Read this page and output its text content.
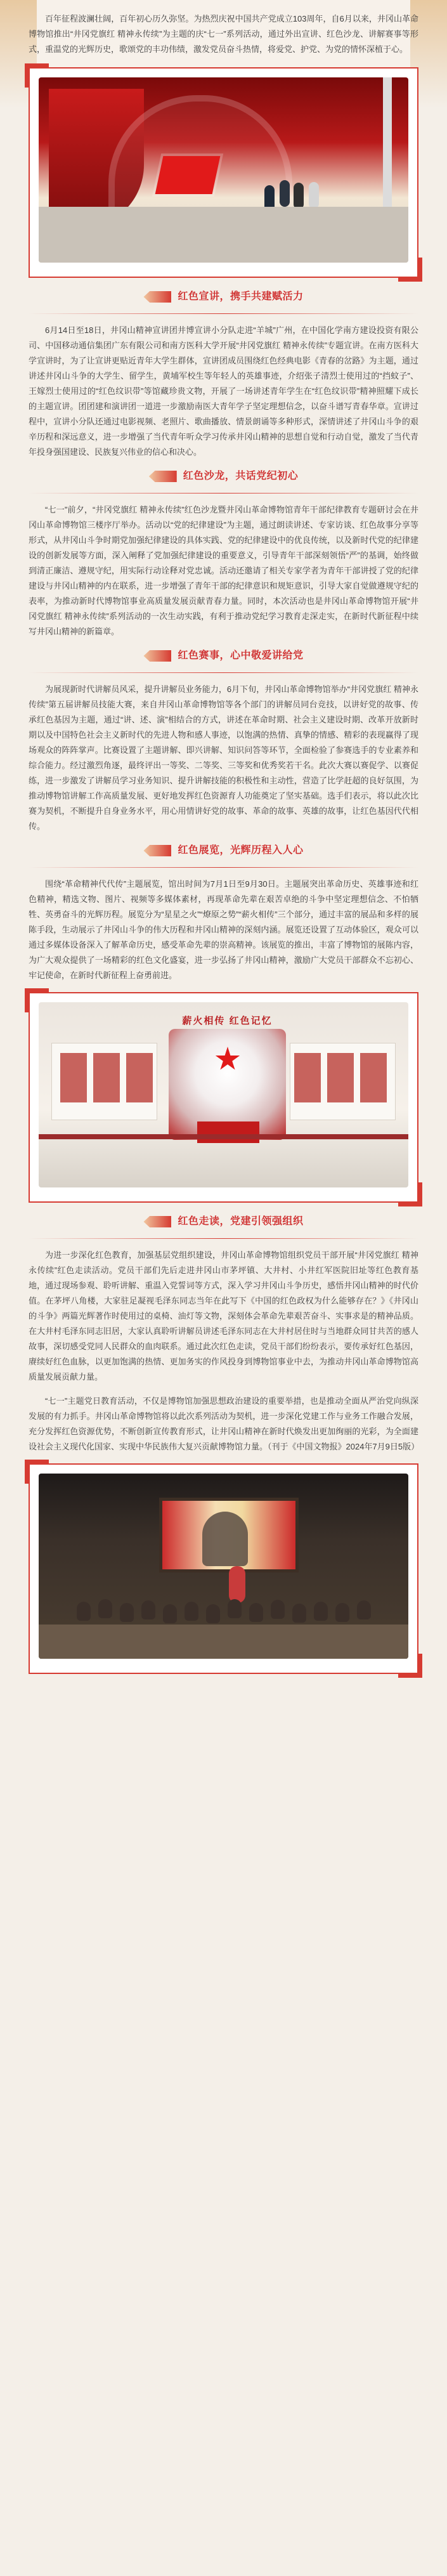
百年征程波澜壮阔，百年初心历久弥坚。为热烈庆祝中国共产党成立103周年，自6月以来，井冈山革命博物馆推出“井冈党旗红 精神永传续”为主题的庆“七一”系列活动，通过外出宣讲、红色沙龙、讲解赛事等形式，重温党的光辉历史，歌颂党的丰功伟绩，激发党员奋斗热情，将爱党、护党、为党的情怀深植于心。

红色宣讲，携手共建赋活力

6月14日至18日，井冈山精神宣讲团井博宣讲小分队走进“羊城”广州，在中国化学南方建设投资有限公司、中国移动通信集团广东有限公司和南方医科大学开展“井冈党旗红 精神永传续”专题宣讲。在南方医科大学宣讲时，为了让宣讲更贴近青年大学生群体，宣讲团成员围绕红色经典电影《青春的岔路》为主题，通过讲述井冈山斗争的大学生、留学生，黄埔军校生等年轻人的英雄事迹，介绍张子清烈士使用过的“挡蚊子”、王嫁烈士使用过的“红色纹识带”等馆藏珍贵文物，开展了一场讲述青年学生在“红色纹识带”精神照耀下成长的主题宣讲。团团建和演讲团一道进一步激励南医大青年学子坚定理想信念，以奋斗谱写青春华章。宣讲过程中，宣讲小分队还通过电影视频、老照片、歌曲播放、情景朗诵等多种形式，深情讲述了井冈山斗争的艰辛历程和深远意义，进一步增强了当代青年听众学习传承井冈山精神的思想自觉和行动自觉，激发了当代青年投身强国建设、民族复兴伟业的信心和决心。

红色沙龙，共话党纪初心

“七一”前夕，“井冈党旗红 精神永传续”红色沙龙暨井冈山革命博物馆青年干部纪律教育专题研讨会在井冈山革命博物馆三楼序厅举办。活动以“党的纪律建设”为主题，通过朗读讲述、专家访谈、红色故事分享等形式，从井冈山斗争时期党加强纪律建设的具体实践、党的纪律建设中的优良传统，以及新时代党的纪律建设的创新发展等方面，深入阐释了党加强纪律建设的重要意义，引导青年干部深刻领悟“严”的基调，始终做到清正廉洁、遵规守纪，用实际行动诠释对党忠诚。活动还邀请了相关专家学者为青年干部讲授了党的纪律建设与井冈山精神的内在联系，进一步增强了青年干部的纪律意识和规矩意识，引导大家自觉做遵规守纪的表率，为推动新时代博物馆事业高质量发展贡献青春力量。同时，本次活动也是井冈山革命博物馆开展“井冈党旗红 精神永传续”系列活动的一次生动实践，有利于推动党纪学习教育走深走实，在新时代新征程中续写井冈山精神的新篇章。

红色赛事，心中敬爱讲给党

为展现新时代讲解员风采，提升讲解员业务能力，6月下旬，井冈山革命博物馆举办“井冈党旗红 精神永传续”第五届讲解员技能大赛，来自井冈山革命博物馆等各个部门的讲解员同台竞技，以讲好党的故事、传承红色基因为主题，通过“讲、述、演”相结合的方式，讲述在革命时期、社会主义建设时期、改革开放新时期以及中国特色社会主义新时代的先进人物和感人事迹，以饱满的热情、真挚的情感、精彩的表现赢得了现场观众的阵阵掌声。比赛设置了主题讲解、即兴讲解、知识问答等环节，全面检验了参赛选手的专业素养和综合能力。经过激烈角逐，最终评出一等奖、二等奖、三等奖和优秀奖若干名。此次大赛以赛促学、以赛促练，进一步激发了讲解员学习业务知识、提升讲解技能的积极性和主动性，营造了比学赶超的良好氛围，为推动博物馆讲解工作高质量发展、更好地发挥红色资源育人功能奠定了坚实基础。选手们表示，将以此次比赛为契机，不断提升自身业务水平，用心用情讲好党的故事、革命的故事、英雄的故事，让红色基因代代相传。

红色展览，光辉历程入人心

围绕“革命精神代代传”主题展览，馆出时间为7月1日至9月30日。主题展突出革命历史、英雄事迹和红色精神，精选文物、图片、视频等多媒体素材，再现革命先辈在艰苦卓绝的斗争中坚定理想信念、不怕牺牲、英勇奋斗的光辉历程。展览分为“星星之火”“燎原之势”“薪火相传”三个部分，通过丰富的展品和多样的展陈手段，生动展示了井冈山斗争的伟大历程和井冈山精神的深刻内涵。展览还设置了互动体验区，观众可以通过多媒体设备深入了解革命历史，感受革命先辈的崇高精神。该展览的推出，丰富了博物馆的展陈内容，为广大观众提供了一场精彩的红色文化盛宴，进一步弘扬了井冈山精神，激励广大党员干部群众不忘初心、牢记使命，在新时代新征程上奋勇前进。

薪火相传 红色记忆
红色走读，党建引领强组织

为进一步深化红色教育，加强基层党组织建设，井冈山革命博物馆组织党员干部开展“井冈党旗红 精神永传续”红色走读活动。党员干部们先后走进井冈山市茅坪镇、大井村、小井红军医院旧址等红色教育基地，通过现场参观、聆听讲解、重温入党誓词等方式，深入学习井冈山斗争历史，感悟井冈山精神的时代价值。在茅坪八角楼，大家驻足凝视毛泽东同志当年在此写下《中国的红色政权为什么能够存在？》《井冈山的斗争》两篇光辉著作时使用过的桌椅、油灯等文物，深刻体会革命先辈艰苦奋斗、实事求是的精神品质。在大井村毛泽东同志旧居，大家认真聆听讲解员讲述毛泽东同志在大井村居住时与当地群众同甘共苦的感人故事，深切感受党同人民群众的血肉联系。通过此次红色走读，党员干部们纷纷表示，要传承好红色基因，赓续好红色血脉，以更加饱满的热情、更加务实的作风投身到博物馆事业中去，为推动井冈山革命博物馆高质量发展贡献力量。

“七一”主题党日教育活动，不仅是博物馆加强思想政治建设的重要举措，也是推动全面从严治党向纵深发展的有力抓手。井冈山革命博物馆将以此次系列活动为契机，进一步深化党建工作与业务工作融合发展，充分发挥红色资源优势，不断创新宣传教育形式，让井冈山精神在新时代焕发出更加绚丽的光彩，为全面建设社会主义现代化国家、实现中华民族伟大复兴贡献博物馆力量。（刊于《中国文物报》2024年7月9日5版）
